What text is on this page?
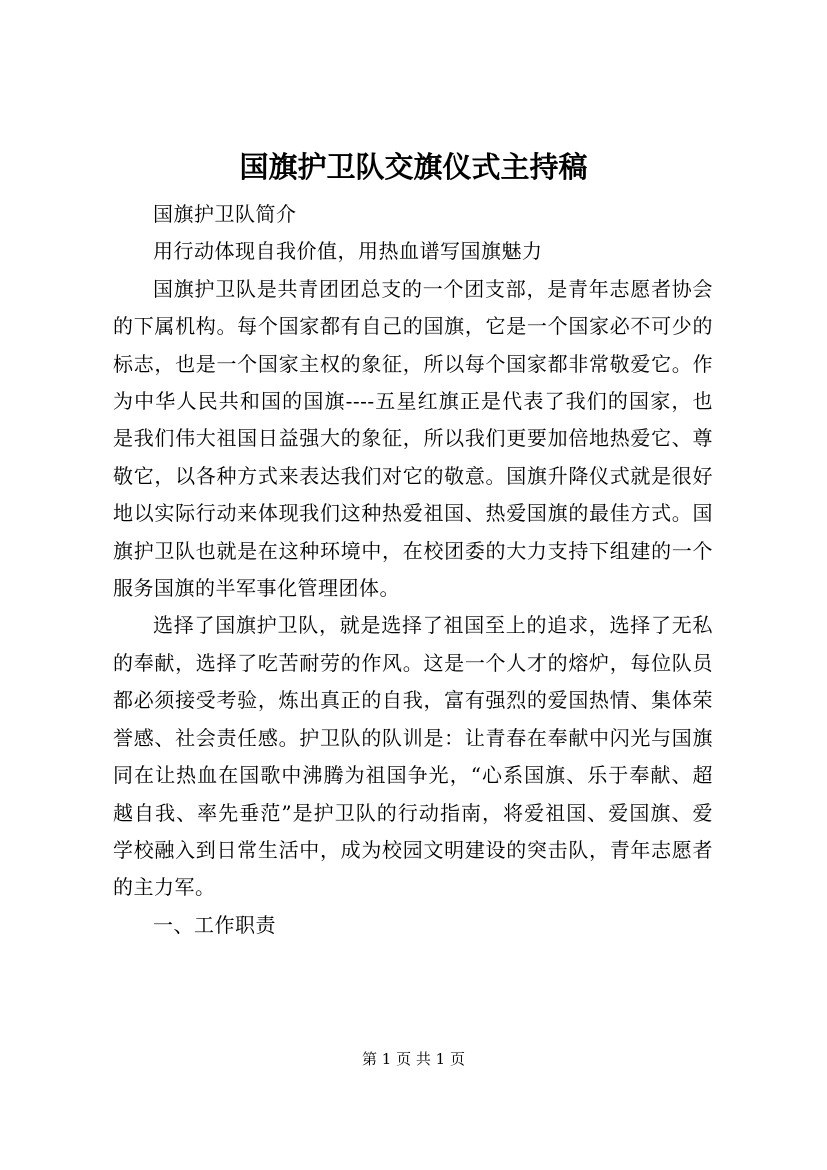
国旗护卫队交旗仪式主持稿

国旗护卫队简介

用行动体现自我价值，用热血谱写国旗魅力

国旗护卫队是共青团团总支的一个团支部，是青年志愿者协会的下属机构。每个国家都有自己的国旗，它是一个国家必不可少的标志，也是一个国家主权的象征，所以每个国家都非常敬爱它。作为中华人民共和国的国旗----五星红旗正是代表了我们的国家，也是我们伟大祖国日益强大的象征，所以我们更要加倍地热爱它、尊敬它，以各种方式来表达我们对它的敬意。国旗升降仪式就是很好地以实际行动来体现我们这种热爱祖国、热爱国旗的最佳方式。国旗护卫队也就是在这种环境中，在校团委的大力支持下组建的一个服务国旗的半军事化管理团体。

选择了国旗护卫队，就是选择了祖国至上的追求，选择了无私的奉献，选择了吃苦耐劳的作风。这是一个人才的熔炉，每位队员都必须接受考验，炼出真正的自我，富有强烈的爱国热情、集体荣誉感、社会责任感。护卫队的队训是：让青春在奉献中闪光与国旗同在让热血在国歌中沸腾为祖国争光，“心系国旗、乐于奉献、超越自我、率先垂范”是护卫队的行动指南，将爱祖国、爱国旗、爱学校融入到日常生活中，成为校园文明建设的突击队，青年志愿者的主力军。

一、工作职责

第 1 页 共 1 页
